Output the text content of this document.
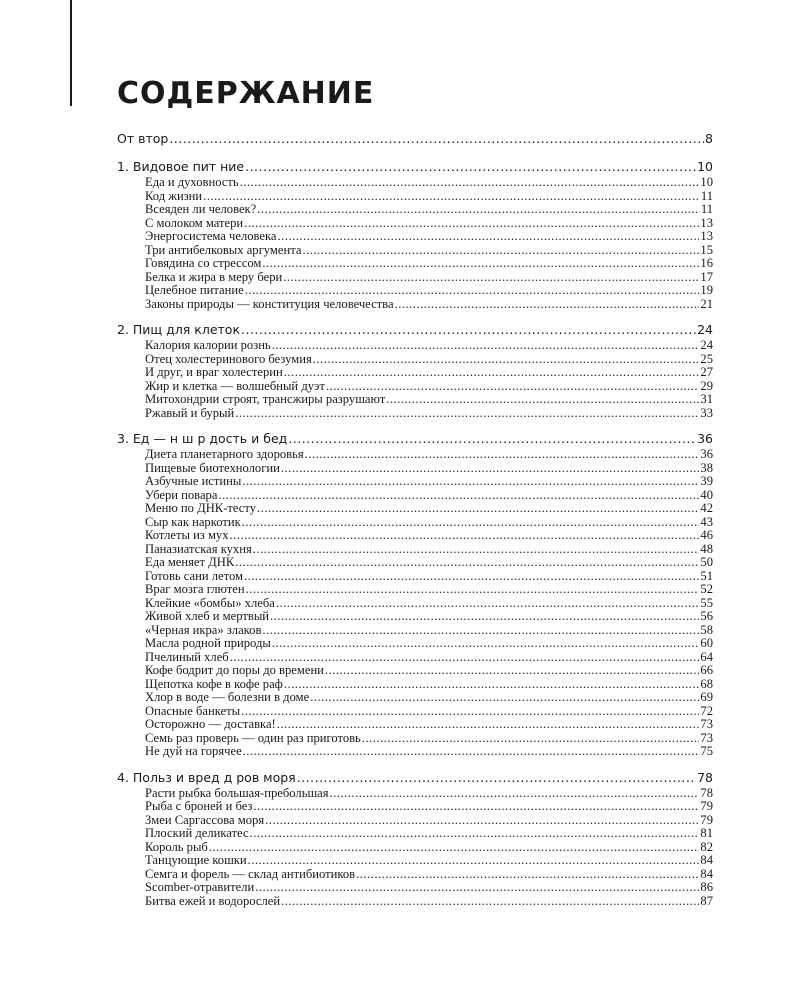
СОДЕРЖАНИЕ
От втор .....	8
1. Видовое пит ние .....	10
Еда и духовность .....	10
Код жизни .....	11
Всеяден ли человек? .....	11
С молоком матери .....	13
Энергосистема человека .....	13
Три антибелковых аргумента .....	15
Говядина со стрессом .....	16
Белка и жира в меру бери .....	17
Целебное питание .....	19
Законы природы — конституция человечества .....	21
2. Пищ для клеток .....	24
Калория калории рознь .....	24
Отец холестеринового безумия .....	25
И друг, и враг холестерин .....	27
Жир и клетка — волшебный дуэт .....	29
Митохондрии строят, трансжиры разрушают .....	31
Ржавый и бурый .....	33
3. Ед — н ш р дость и бед .....	36
Диета планетарного здоровья .....	36
Пищевые биотехнологии .....	38
Азбучные истины .....	39
Убери повара .....	40
Меню по ДНК-тесту .....	42
Сыр как наркотик .....	43
Котлеты из мух .....	46
Паназиатская кухня .....	48
Еда меняет ДНК .....	50
Готовь сани летом .....	51
Враг мозга глютен .....	52
Клейкие «бомбы» хлеба .....	55
Живой хлеб и мертвый .....	56
«Черная икра» злаков .....	58
Масла родной природы .....	60
Пчелиный хлеб .....	64
Кофе бодрит до поры до времени .....	66
Щепотка кофе в кофе раф .....	68
Хлор в воде — болезни в доме .....	69
Опасные банкеты .....	72
Осторожно — доставка! .....	73
Семь раз проверь — один раз приготовь .....	73
Не дуй на горячее .....	75
4. Польз и вред д ров моря .....	78
Расти рыбка большая-пребольшая .....	78
Рыба с броней и без .....	79
Змеи Саргассова моря .....	79
Плоский деликатес .....	81
Король рыб .....	82
Танцующие кошки .....	84
Семга и форель — склад антибиотиков .....	84
Scomber-отравители .....	86
Битва ежей и водорослей .....	87
